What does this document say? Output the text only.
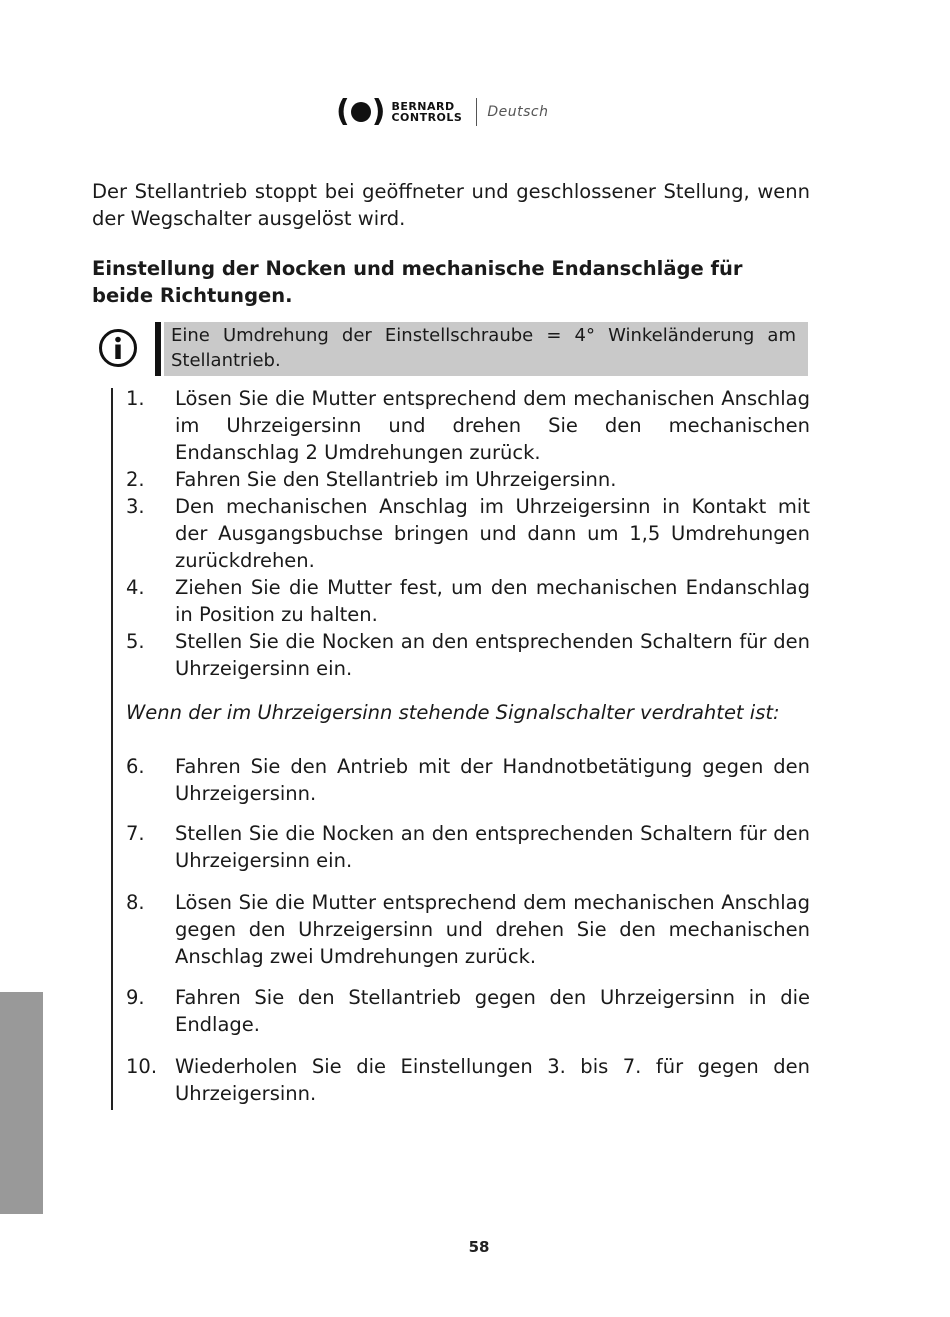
( ) BERNARD
CONTROLS Deutsch

Der Stellantrieb stoppt bei geöffneter und geschlossener Stellung, wenn der Wegschalter ausgelöst wird.

Einstellung der Nocken und mechanische Endanschläge für beide Richtungen.

Eine Umdrehung der Einstellschraube = 4° Winkeländerung am Stellantrieb.
1. Lösen Sie die Mutter entsprechend dem mechanischen Anschlag im Uhrzeigersinn und drehen Sie den mechanischen Endanschlag 2 Umdrehungen zurück.
2. Fahren Sie den Stellantrieb im Uhrzeigersinn.
3. Den mechanischen Anschlag im Uhrzeigersinn in Kontakt mit der Ausgangsbuchse bringen und dann um 1,5 Umdrehungen zurückdrehen.
4. Ziehen Sie die Mutter fest, um den mechanischen Endanschlag in Position zu halten.
5. Stellen Sie die Nocken an den entsprechenden Schaltern für den Uhrzeigersinn ein.
Wenn der im Uhrzeigersinn stehende Signalschalter verdrahtet ist:
6. Fahren Sie den Antrieb mit der Handnotbetätigung gegen den Uhrzeigersinn.
7. Stellen Sie die Nocken an den entsprechenden Schaltern für den Uhrzeigersinn ein.
8. Lösen Sie die Mutter entsprechend dem mechanischen Anschlag gegen den Uhrzeigersinn und drehen Sie den mechanischen Anschlag zwei Umdrehungen zurück.
9. Fahren Sie den Stellantrieb gegen den Uhrzeigersinn in die Endlage.
10. Wiederholen Sie die Einstellungen 3. bis 7. für gegen den Uhrzeigersinn.
58
